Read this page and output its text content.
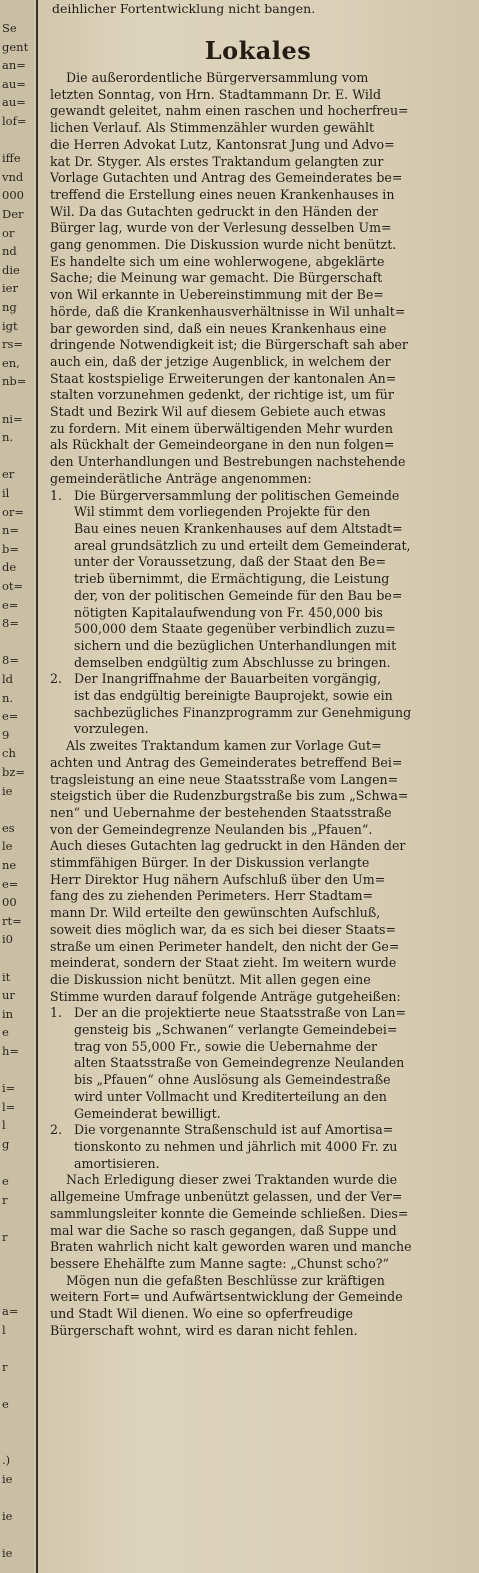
Se
gent
an=
au=
au=
lof=
iffe
vnd
000
Der
or
nd
die
ier
ng
igt
rs=
en,
nb=
ni=
n.
er
il
or=
n=
b=
de
ot=
e=
8=
8=
ld
n.
e=
9
ch
bz=
ie
es
le
ne
e=
00
rt=
i0
it
ur
in
e
h=
i=
l=
l
g
e
r
r
a=
l
r
e
.)
ie
ie
ie
deihlicher Fortentwicklung nicht bangen.
Lokales

Die außerordentliche Bürgerversammlung vom
letzten Sonntag, von Hrn. Stadtammann Dr. E. Wild
gewandt geleitet, nahm einen raschen und hocherfreu=
lichen Verlauf. Als Stimmenzähler wurden gewählt
die Herren Advokat Lutz, Kantonsrat Jung und Advo=
kat Dr. Styger. Als erstes Traktandum gelangten zur
Vorlage Gutachten und Antrag des Gemeinderates be=
treffend die Erstellung eines neuen Krankenhauses in
Wil. Da das Gutachten gedruckt in den Händen der
Bürger lag, wurde von der Verlesung desselben Um=
gang genommen. Die Diskussion wurde nicht benützt.
Es handelte sich um eine wohlerwogene, abgeklärte
Sache; die Meinung war gemacht. Die Bürgerschaft
von Wil erkannte in Uebereinstimmung mit der Be=
hörde, daß die Krankenhausverhältnisse in Wil unhalt=
bar geworden sind, daß ein neues Krankenhaus eine
dringende Notwendigkeit ist; die Bürgerschaft sah aber
auch ein, daß der jetzige Augenblick, in welchem der
Staat kostspielige Erweiterungen der kantonalen An=
stalten vorzunehmen gedenkt, der richtige ist, um für
Stadt und Bezirk Wil auf diesem Gebiete auch etwas
zu fordern. Mit einem überwältigenden Mehr wurden
als Rückhalt der Gemeindeorgane in den nun folgen=
den Unterhandlungen und Bestrebungen nachstehende
gemeinderätliche Anträge angenommen:

1. Die Bürgerversammlung der politischen Gemeinde
Wil stimmt dem vorliegenden Projekte für den
Bau eines neuen Krankenhauses auf dem Altstadt=
areal grundsätzlich zu und erteilt dem Gemeinderat,
unter der Voraussetzung, daß der Staat den Be=
trieb übernimmt, die Ermächtigung, die Leistung
der, von der politischen Gemeinde für den Bau be=
nötigten Kapitalaufwendung von Fr. 450,000 bis
500,000 dem Staate gegenüber verbindlich zuzu=
sichern und die bezüglichen Unterhandlungen mit
demselben endgültig zum Abschlusse zu bringen.
2. Der Inangriffnahme der Bauarbeiten vorgängig,
ist das endgültig bereinigte Bauprojekt, sowie ein
sachbezügliches Finanzprogramm zur Genehmigung
vorzulegen.

Als zweites Traktandum kamen zur Vorlage Gut=
achten und Antrag des Gemeinderates betreffend Bei=
tragsleistung an eine neue Staatsstraße vom Langen=
steigstich über die Rudenzburgstraße bis zum „Schwa=
nen“ und Uebernahme der bestehenden Staatsstraße
von der Gemeindegrenze Neulanden bis „Pfauen“.
Auch dieses Gutachten lag gedruckt in den Händen der
stimmfähigen Bürger. In der Diskussion verlangte
Herr Direktor Hug nähern Aufschluß über den Um=
fang des zu ziehenden Perimeters. Herr Stadtam=
mann Dr. Wild erteilte den gewünschten Aufschluß,
soweit dies möglich war, da es sich bei dieser Staats=
straße um einen Perimeter handelt, den nicht der Ge=
meinderat, sondern der Staat zieht. Im weitern wurde
die Diskussion nicht benützt. Mit allen gegen eine
Stimme wurden darauf folgende Anträge gutgeheißen:

1. Der an die projektierte neue Staatsstraße von Lan=
gensteig bis „Schwanen“ verlangte Gemeindebei=
trag von 55,000 Fr., sowie die Uebernahme der
alten Staatsstraße von Gemeindegrenze Neulanden
bis „Pfauen“ ohne Auslösung als Gemeindestraße
wird unter Vollmacht und Krediterteilung an den
Gemeinderat bewilligt.
2. Die vorgenannte Straßenschuld ist auf Amortisa=
tionskonto zu nehmen und jährlich mit 4000 Fr. zu
amortisieren.

Nach Erledigung dieser zwei Traktanden wurde die
allgemeine Umfrage unbenützt gelassen, und der Ver=
sammlungsleiter konnte die Gemeinde schließen. Dies=
mal war die Sache so rasch gegangen, daß Suppe und
Braten wahrlich nicht kalt geworden waren und manche
bessere Ehehälfte zum Manne sagte: „Chunst scho?“

Mögen nun die gefaßten Beschlüsse zur kräftigen
weitern Fort= und Aufwärtsentwicklung der Gemeinde
und Stadt Wil dienen. Wo eine so opferfreudige
Bürgerschaft wohnt, wird es daran nicht fehlen.
